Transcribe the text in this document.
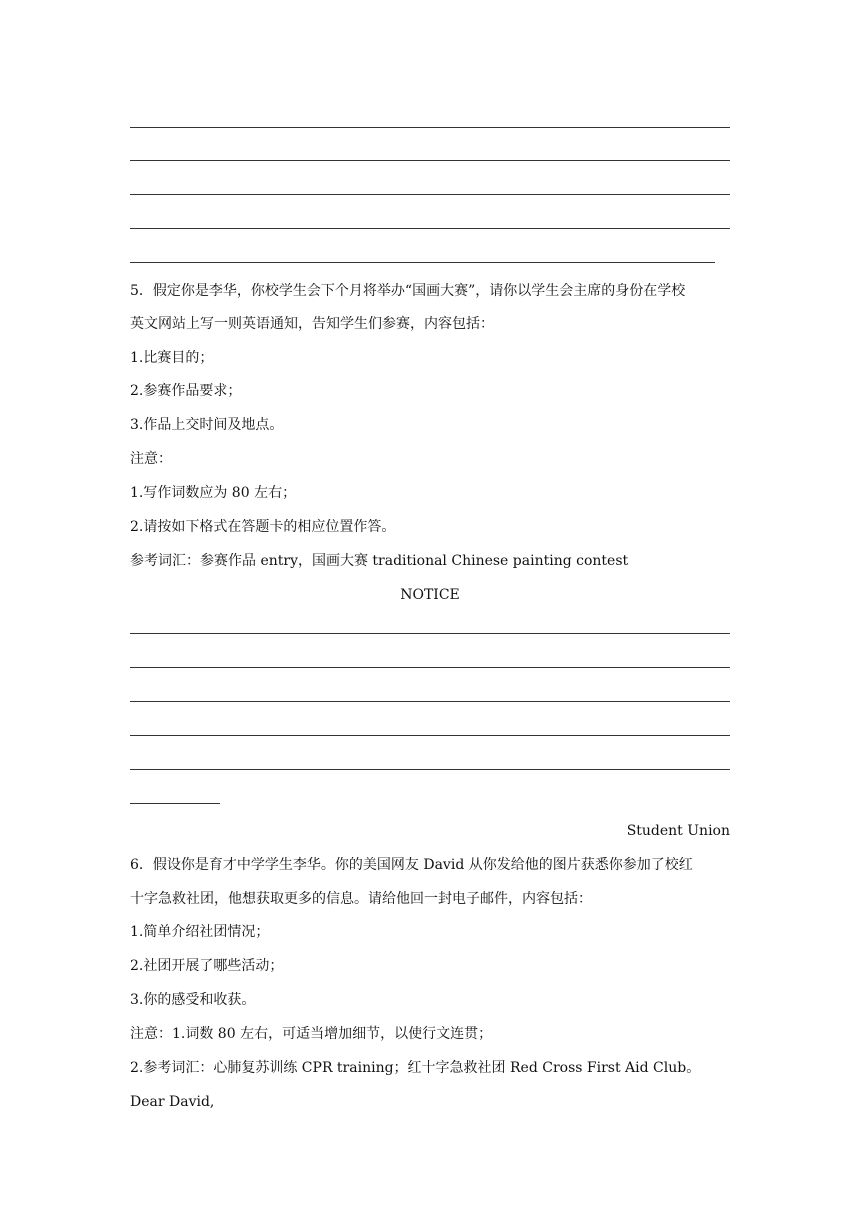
5．假定你是李华，你校学生会下个月将举办“国画大赛”，请你以学生会主席的身份在学校
英文网站上写一则英语通知，告知学生们参赛，内容包括：
1.比赛目的；
2.参赛作品要求；
3.作品上交时间及地点。
注意：
1.写作词数应为 80 左右；
2.请按如下格式在答题卡的相应位置作答。
参考词汇：参赛作品 entry，国画大赛 traditional Chinese painting contest
NOTICE
Student Union
6．假设你是育才中学学生李华。你的美国网友 David 从你发给他的图片获悉你参加了校红
十字急救社团，他想获取更多的信息。请给他回一封电子邮件，内容包括：
1.简单介绍社团情况；
2.社团开展了哪些活动；
3.你的感受和收获。
注意：1.词数 80 左右，可适当增加细节，以使行文连贯；
2.参考词汇：心肺复苏训练 CPR training；红十字急救社团 Red Cross First Aid Club。
Dear David,
